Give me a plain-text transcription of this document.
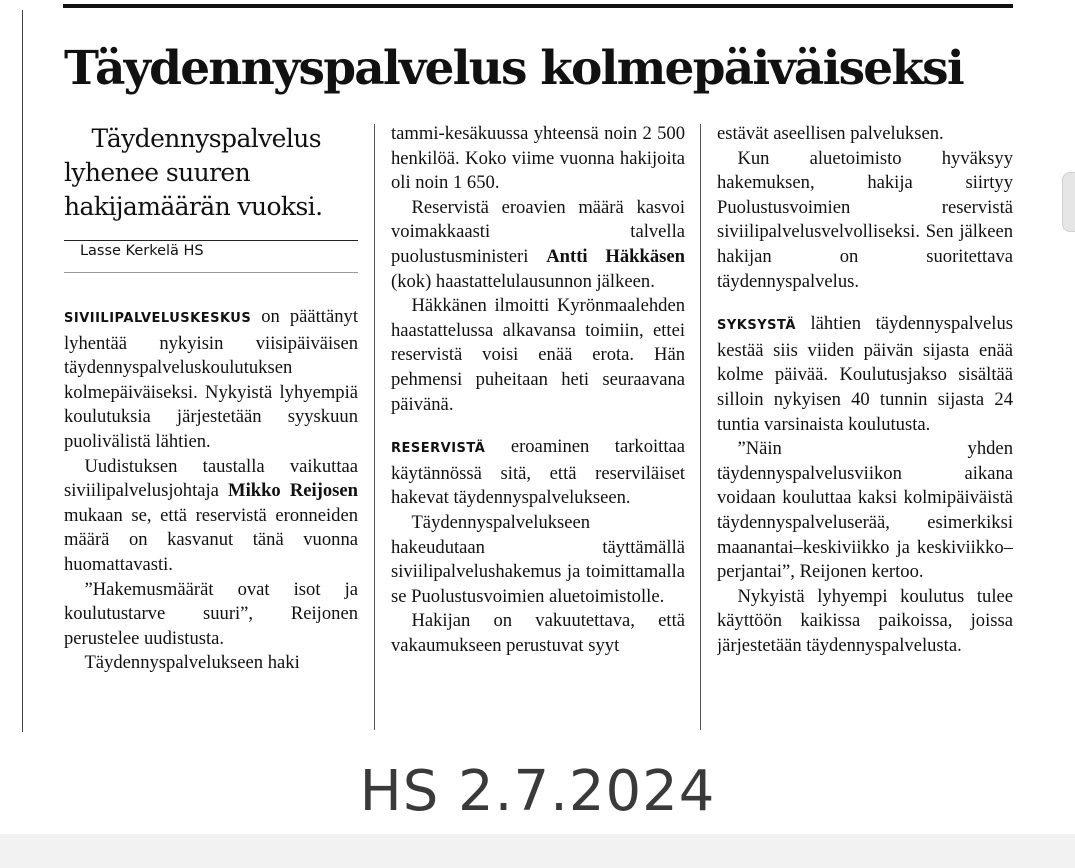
Täydennyspalvelus kolmepäiväiseksi

Täydennyspalvelus lyhenee suuren hakijamäärän vuoksi.

Lasse Kerkelä HS

SIVIILIPALVELUSKESKUS on päättänyt lyhentää nykyisin viisipäiväisen täydennyspalveluskoulutuksen kolmepäiväiseksi. Nykyistä lyhyempiä koulutuksia järjestetään syyskuun puolivälistä lähtien.

Uudistuksen taustalla vaikuttaa siviilipalvelusjohtaja Mikko Reijosen mukaan se, että reservistä eronneiden määrä on kasvanut tänä vuonna huomattavasti.

”Hakemusmäärät ovat isot ja koulutustarve suuri”, Reijonen perustelee uudistusta.

Täydennyspalvelukseen haki

tammi-kesäkuussa yhteensä noin 2 500 henkilöä. Koko viime vuonna hakijoita oli noin 1 650.

Reservistä eroavien määrä kasvoi voimakkaasti talvella puolustusministeri Antti Häkkäsen (kok) haastattelulausunnon jälkeen.

Häkkänen ilmoitti Kyrönmaalehden haastattelussa alkavansa toimiin, ettei reservistä voisi enää erota. Hän pehmensi puheitaan heti seuraavana päivänä.

RESERVISTÄ eroaminen tarkoittaa käytännössä sitä, että reserviläiset hakevat täydennyspalvelukseen.

Täydennyspalvelukseen hakeudutaan täyttämällä siviilipalvelushakemus ja toimittamalla se Puolustusvoimien aluetoimistolle.

Hakijan on vakuutettava, että vakaumukseen perustuvat syyt

estävät aseellisen palveluksen.

Kun aluetoimisto hyväksyy hakemuksen, hakija siirtyy Puolustusvoimien reservistä siviilipalvelusvelvolliseksi. Sen jälkeen hakijan on suoritettava täydennyspalvelus.

SYKSYSTÄ lähtien täydennyspalvelus kestää siis viiden päivän sijasta enää kolme päivää. Koulutusjakso sisältää silloin nykyisen 40 tunnin sijasta 24 tuntia varsinaista koulutusta.

”Näin yhden täydennyspalvelusviikon aikana voidaan kouluttaa kaksi kolmipäiväistä täydennyspalveluserää, esimerkiksi maanantai–keskiviikko ja keskiviikko–perjantai”, Reijonen kertoo.

Nykyistä lyhyempi koulutus tulee käyttöön kaikissa paikoissa, joissa järjestetään täydennyspalvelusta.

HS 2.7.2024
